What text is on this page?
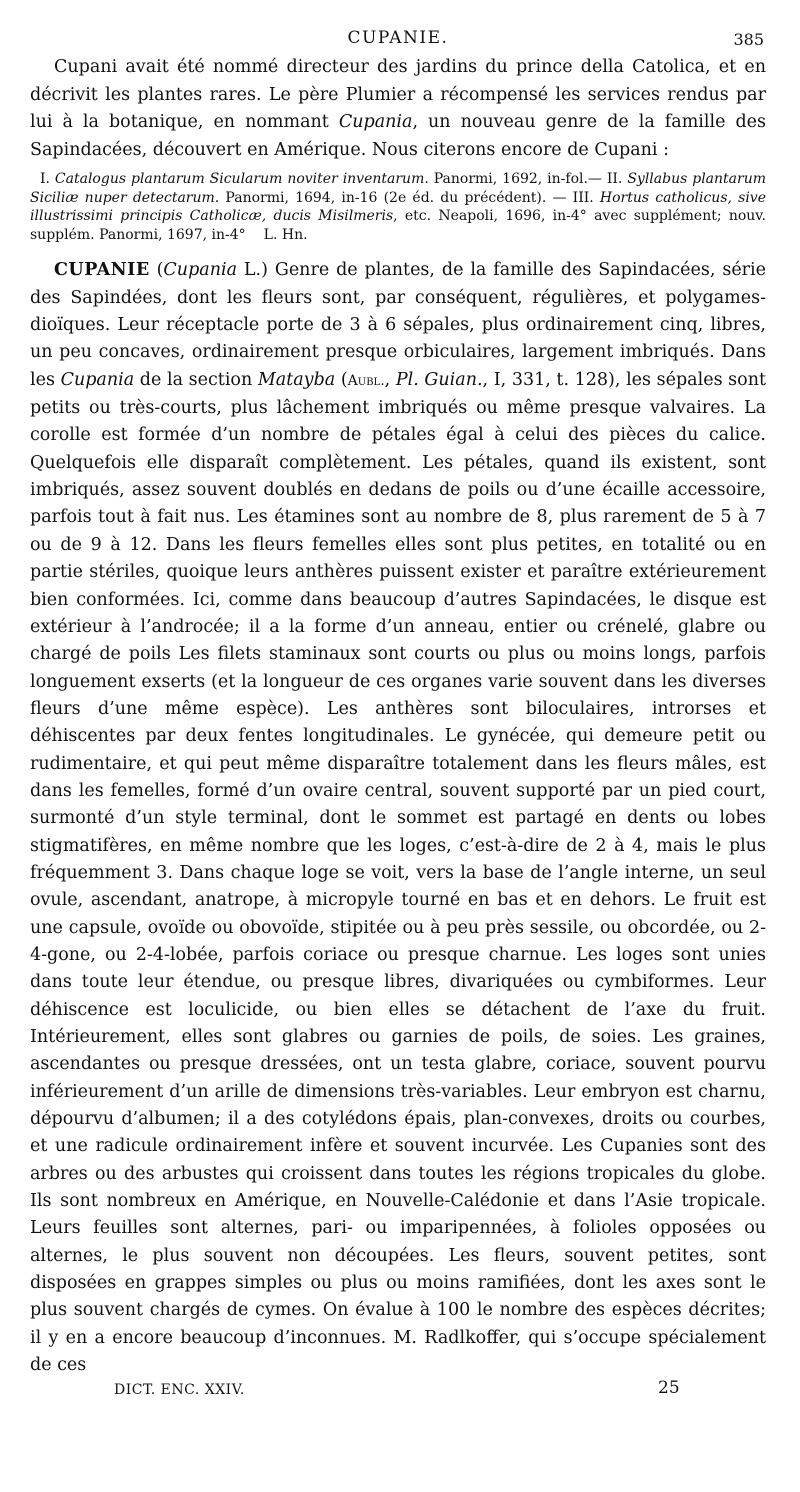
CUPANIE.	385

Cupani avait été nommé directeur des jardins du prince della Catolica, et en décrivit les plantes rares. Le père Plumier a récompensé les services rendus par lui à la botanique, en nommant Cupania, un nouveau genre de la famille des Sapindacées, découvert en Amérique. Nous citerons encore de Cupani :

I. Catalogus plantarum Sicularum noviter inventarum. Panormi, 1692, in-fol.— II. Syllabus plantarum Siciliæ nuper detectarum. Panormi, 1694, in-16 (2e éd. du précédent). — III. Hortus catholicus, sive illustrissimi principis Catholicæ, ducis Misilmeris, etc. Neapoli, 1696, in-4° avec supplément; nouv. supplém. Panormi, 1697, in-4° L. Hn.

CUPANIE (Cupania L.) Genre de plantes, de la famille des Sapindacées, série des Sapindées, dont les fleurs sont, par conséquent, régulières, et polygames-dioïques. Leur réceptacle porte de 3 à 6 sépales, plus ordinairement cinq, libres, un peu concaves, ordinairement presque orbiculaires, largement imbriqués. Dans les Cupania de la section Matayba (Aubl., Pl. Guian., I, 331, t. 128), les sépales sont petits ou très-courts, plus lâchement imbriqués ou même presque valvaires. La corolle est formée d’un nombre de pétales égal à celui des pièces du calice. Quelquefois elle disparaît complètement. Les pétales, quand ils existent, sont imbriqués, assez souvent doublés en dedans de poils ou d’une écaille accessoire, parfois tout à fait nus. Les étamines sont au nombre de 8, plus rarement de 5 à 7 ou de 9 à 12. Dans les fleurs femelles elles sont plus petites, en totalité ou en partie stériles, quoique leurs anthères puissent exister et paraître extérieurement bien conformées. Ici, comme dans beaucoup d’autres Sapindacées, le disque est extérieur à l’androcée; il a la forme d’un anneau, entier ou crénelé, glabre ou chargé de poils Les filets staminaux sont courts ou plus ou moins longs, parfois longuement exserts (et la longueur de ces organes varie souvent dans les diverses fleurs d’une même espèce). Les anthères sont biloculaires, introrses et déhiscentes par deux fentes longitudinales. Le gynécée, qui demeure petit ou rudimentaire, et qui peut même disparaître totalement dans les fleurs mâles, est dans les femelles, formé d’un ovaire central, souvent supporté par un pied court, surmonté d’un style terminal, dont le sommet est partagé en dents ou lobes stigmatifères, en même nombre que les loges, c’est-à-dire de 2 à 4, mais le plus fréquemment 3. Dans chaque loge se voit, vers la base de l’angle interne, un seul ovule, ascendant, anatrope, à micropyle tourné en bas et en dehors. Le fruit est une capsule, ovoïde ou obovoïde, stipitée ou à peu près sessile, ou obcordée, ou 2-4-gone, ou 2-4-lobée, parfois coriace ou presque charnue. Les loges sont unies dans toute leur étendue, ou presque libres, divariquées ou cymbiformes. Leur déhiscence est loculicide, ou bien elles se détachent de l’axe du fruit. Intérieurement, elles sont glabres ou garnies de poils, de soies. Les graines, ascendantes ou presque dressées, ont un testa glabre, coriace, souvent pourvu inférieurement d’un arille de dimensions très-variables. Leur embryon est charnu, dépourvu d’albumen; il a des cotylédons épais, plan-convexes, droits ou courbes, et une radicule ordinairement infère et souvent incurvée. Les Cupanies sont des arbres ou des arbustes qui croissent dans toutes les régions tropicales du globe. Ils sont nombreux en Amérique, en Nouvelle-Calédonie et dans l’Asie tropicale. Leurs feuilles sont alternes, pari- ou imparipennées, à folioles opposées ou alternes, le plus souvent non découpées. Les fleurs, souvent petites, sont disposées en grappes simples ou plus ou moins ramifiées, dont les axes sont le plus souvent chargés de cymes. On évalue à 100 le nombre des espèces décrites; il y en a encore beaucoup d’inconnues. M. Radlkoffer, qui s’occupe spécialement de ces

DICT. ENC. XXIV.	25
